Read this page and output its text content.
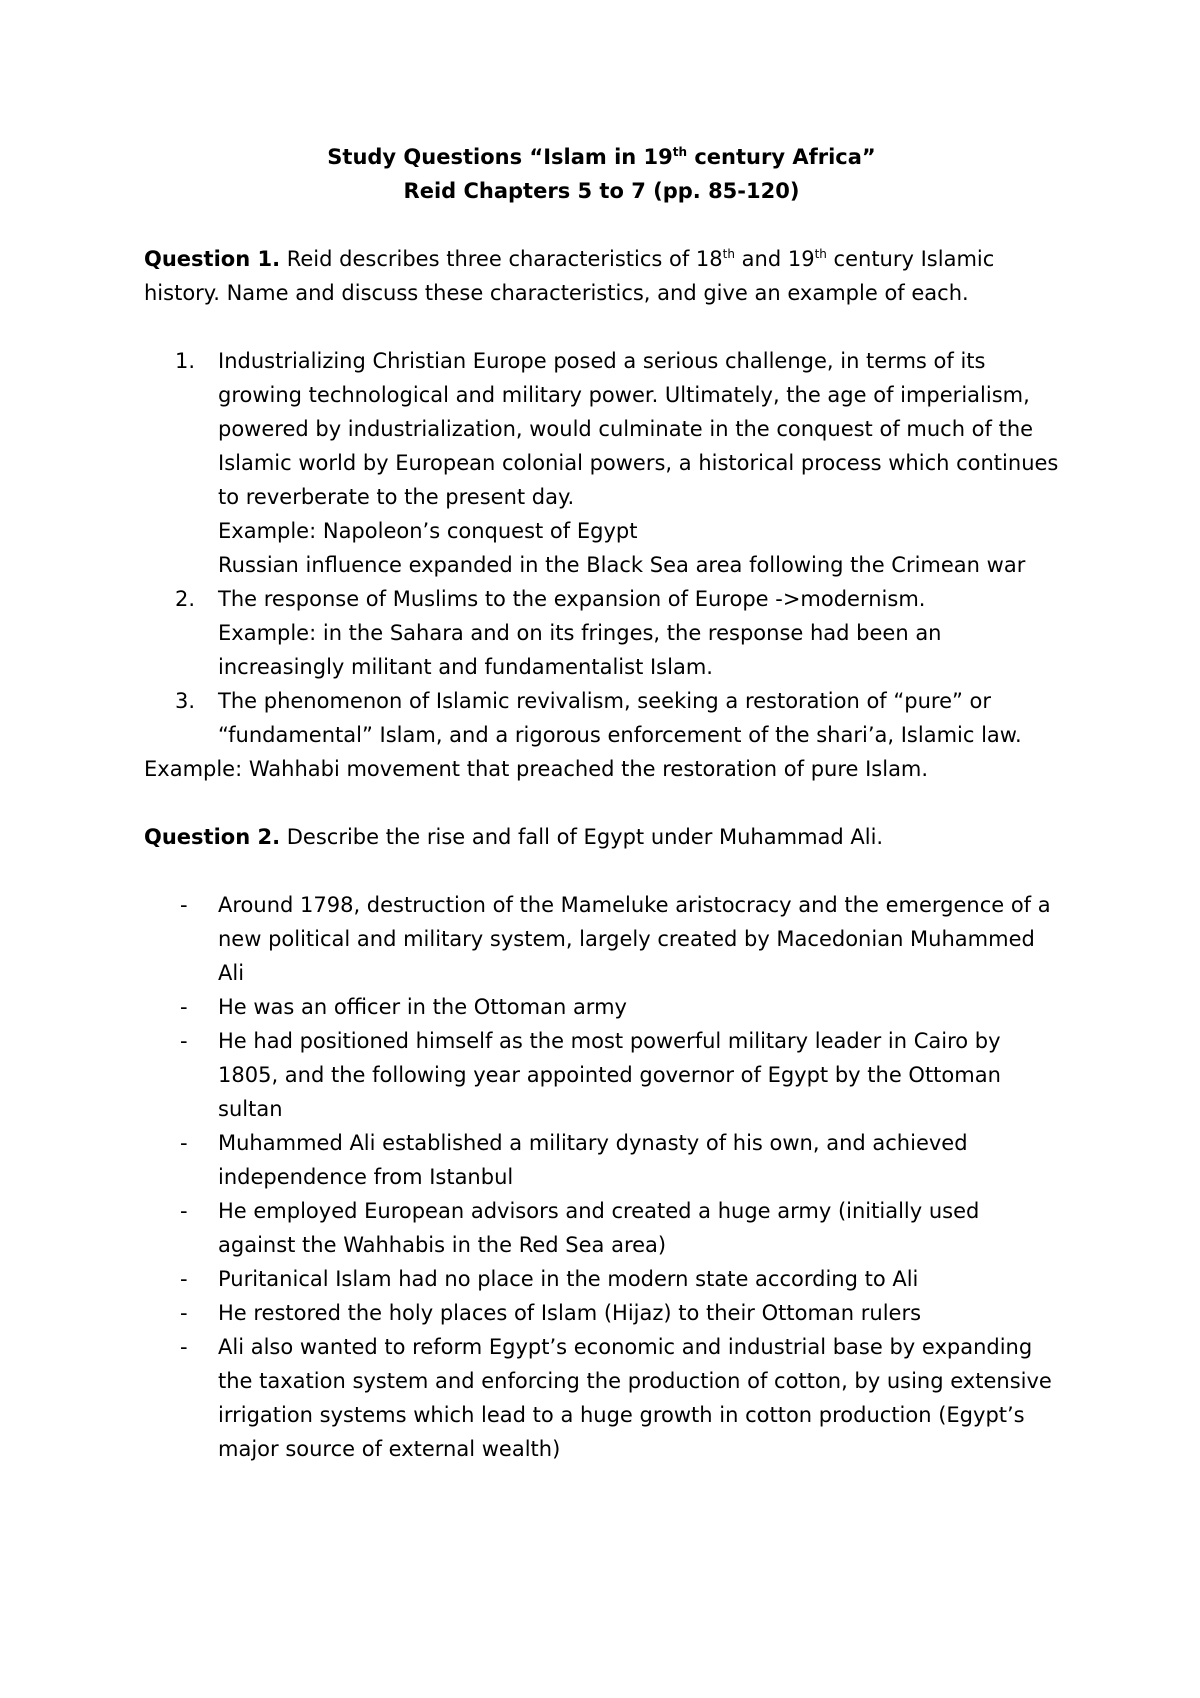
Study Questions “Islam in 19th century Africa”

Reid Chapters 5 to 7 (pp. 85-120)

Question 1. Reid describes three characteristics of 18th and 19th century Islamic history. Name and discuss these characteristics, and give an example of each.

1. Industrializing Christian Europe posed a serious challenge, in terms of its growing technological and military power. Ultimately, the age of imperialism, powered by industrialization, would culminate in the conquest of much of the Islamic world by European colonial powers, a historical process which continues to reverberate to the present day.
Example: Napoleon’s conquest of Egypt
Russian influence expanded in the Black Sea area following the Crimean war
2. The response of Muslims to the expansion of Europe ->modernism.
Example: in the Sahara and on its fringes, the response had been an increasingly militant and fundamentalist Islam.
3. The phenomenon of Islamic revivalism, seeking a restoration of “pure” or “fundamental” Islam, and a rigorous enforcement of the shari’a, Islamic law.

Example: Wahhabi movement that preached the restoration of pure Islam.

Question 2. Describe the rise and fall of Egypt under Muhammad Ali.

- Around 1798, destruction of the Mameluke aristocracy and the emergence of a new political and military system, largely created by Macedonian Muhammed Ali
- He was an officer in the Ottoman army
- He had positioned himself as the most powerful military leader in Cairo by 1805, and the following year appointed governor of Egypt by the Ottoman sultan
- Muhammed Ali established a military dynasty of his own, and achieved independence from Istanbul
- He employed European advisors and created a huge army (initially used against the Wahhabis in the Red Sea area)
- Puritanical Islam had no place in the modern state according to Ali
- He restored the holy places of Islam (Hijaz) to their Ottoman rulers
- Ali also wanted to reform Egypt’s economic and industrial base by expanding the taxation system and enforcing the production of cotton, by using extensive irrigation systems which lead to a huge growth in cotton production (Egypt’s major source of external wealth)
